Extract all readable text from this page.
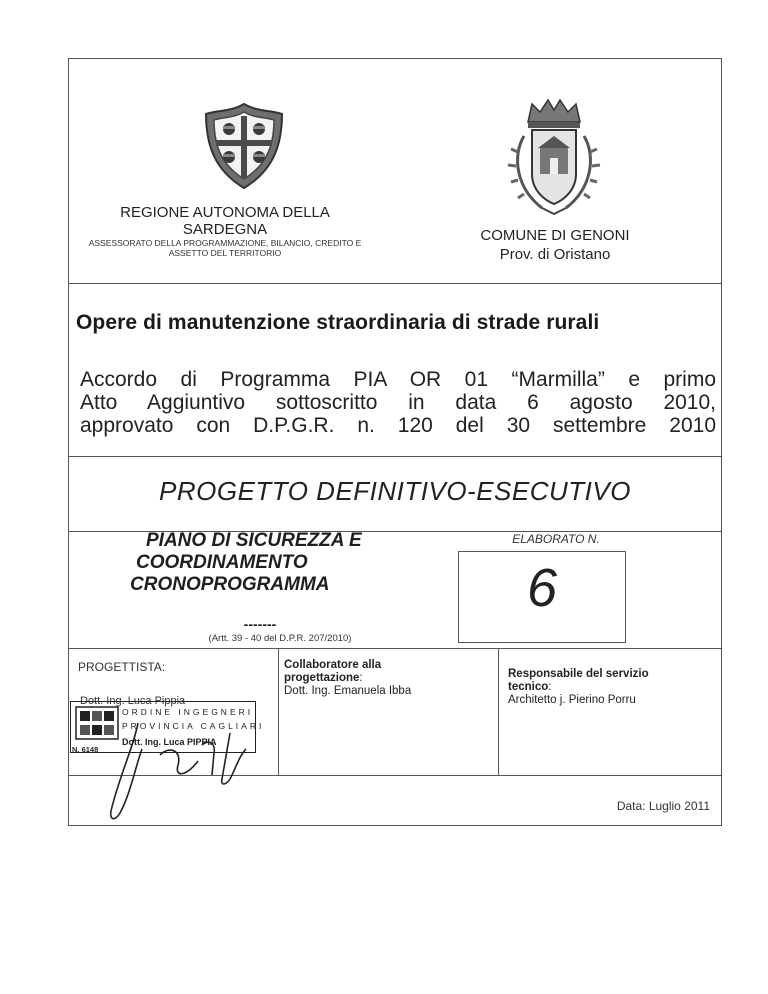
REGIONE AUTONOMA DELLA SARDEGNA
ASSESSORATO DELLA PROGRAMMAZIONE, BILANCIO, CREDITO E ASSETTO DEL TERRITORIO
COMUNE DI GENONI
Prov. di Oristano
Opere di manutenzione straordinaria di strade rurali
Accordo di Programma PIA OR 01 “Marmilla” e primo
Atto Aggiuntivo sottoscritto in data 6 agosto 2010,
approvato con D.P.G.R. n. 120 del 30 settembre 2010
PROGETTO DEFINITIVO-ESECUTIVO
PIANO DI SICUREZZA E
COORDINAMENTO
CRONOPROGRAMMA
-------
(Artt. 39 - 40 del D.P.R. 207/2010)
ELABORATO N.
6
PROGETTISTA:
Dott. Ing. Luca Pippia
ORDINE INGEGNERI
PROVINCIA CAGLIARI
Dott. Ing. Luca PIPPIA
N. 6148
Collaboratore alla
progettazione:
Dott. Ing. Emanuela Ibba
Responsabile del servizio
tecnico:
Architetto j. Pierino Porru
Data: Luglio 2011
